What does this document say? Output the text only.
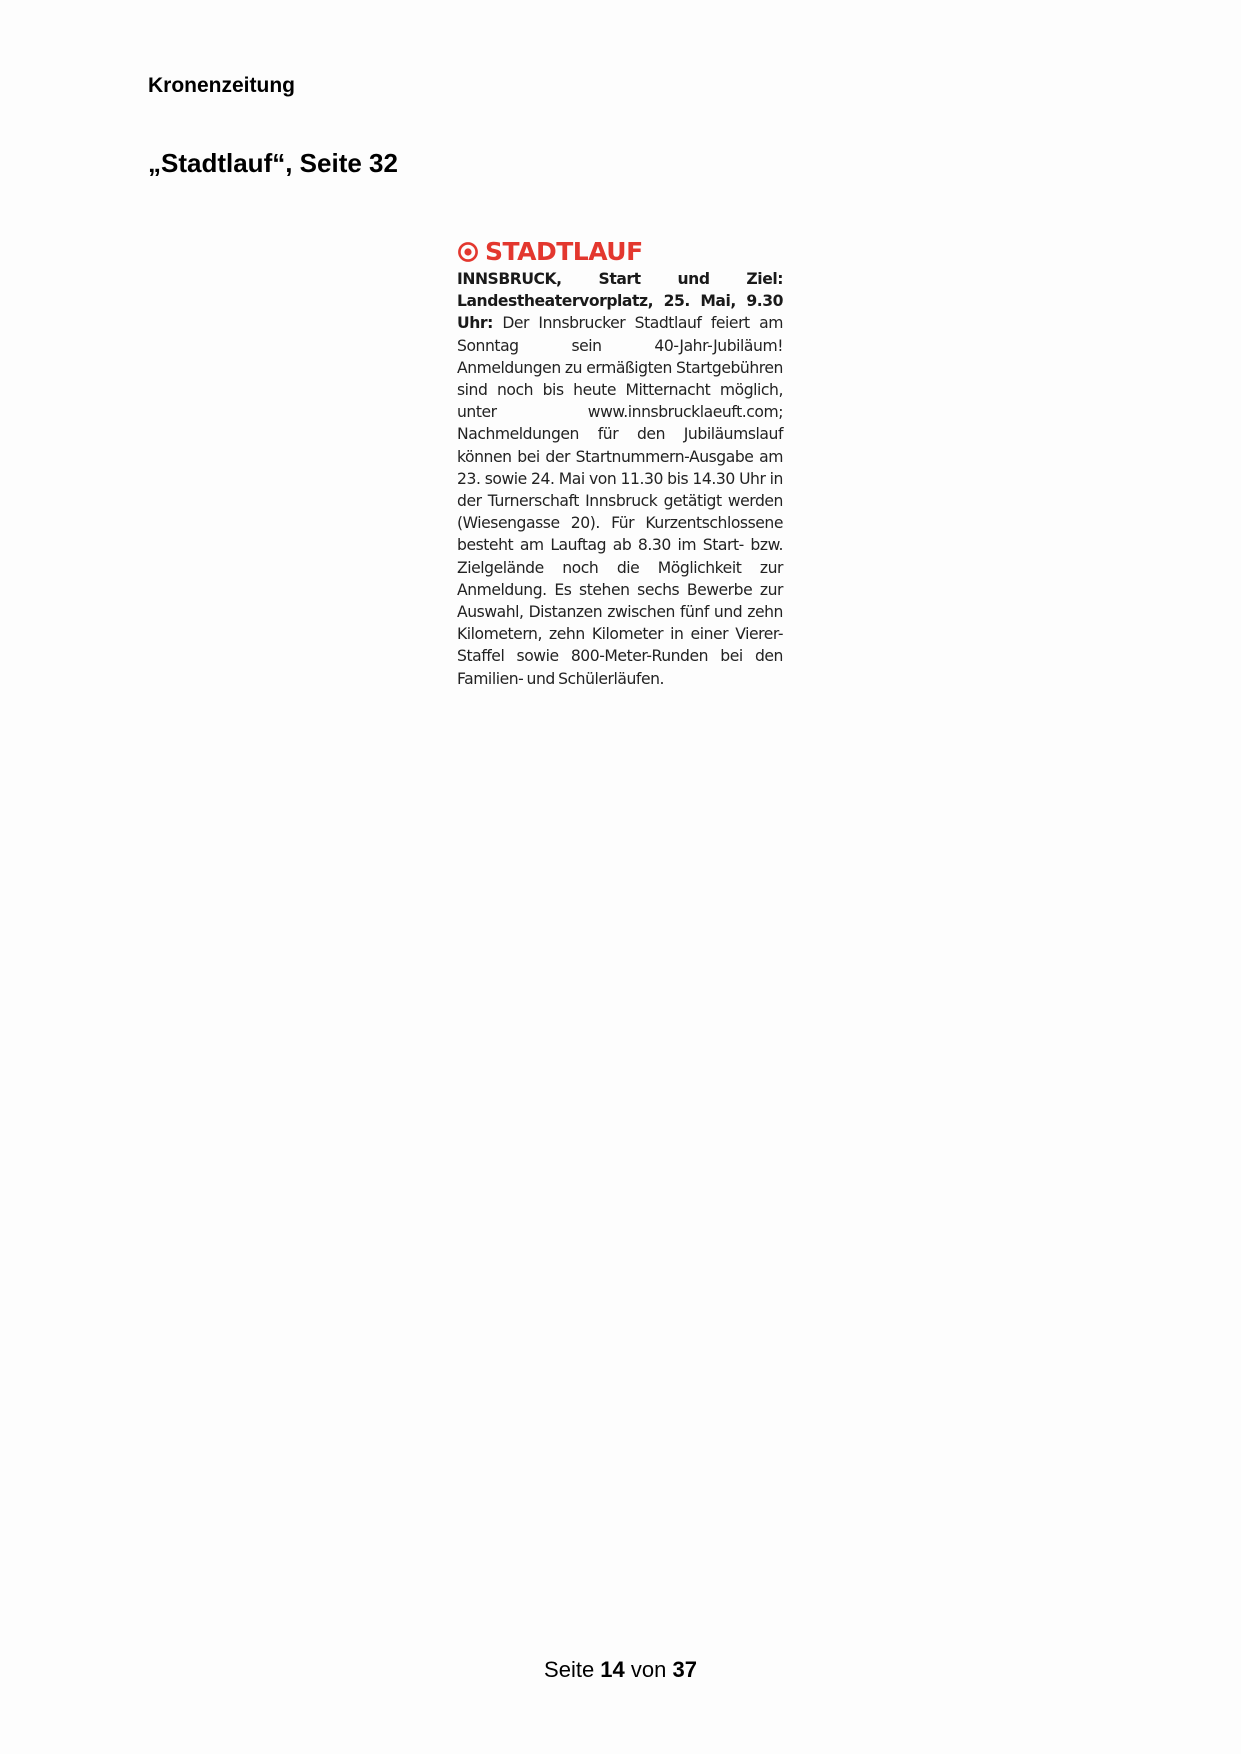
Kronenzeitung

„Stadtlauf“, Seite 32
STADTLAUF

INNSBRUCK, Start und Ziel: Landestheatervorplatz, 25. Mai, 9.30 Uhr: Der Innsbrucker Stadtlauf feiert am Sonntag sein 40-Jahr-Jubiläum! Anmeldungen zu ermäßigten Startgebühren sind noch bis heute Mitternacht möglich, unter www.innsbrucklaeuft.com; Nachmeldungen für den Jubiläumslauf können bei der Startnummern-Ausgabe am 23. sowie 24. Mai von 11.30 bis 14.30 Uhr in der Turnerschaft Innsbruck getätigt werden (Wiesengasse 20). Für Kurzentschlossene besteht am Lauftag ab 8.30 im Start- bzw. Zielgelände noch die Möglichkeit zur Anmeldung. Es stehen sechs Bewerbe zur Auswahl, Distanzen zwischen fünf und zehn Kilometern, zehn Kilometer in einer Vierer-Staffel sowie 800-Meter-Runden bei den Familien- und Schülerläufen.

Seite 14 von 37
